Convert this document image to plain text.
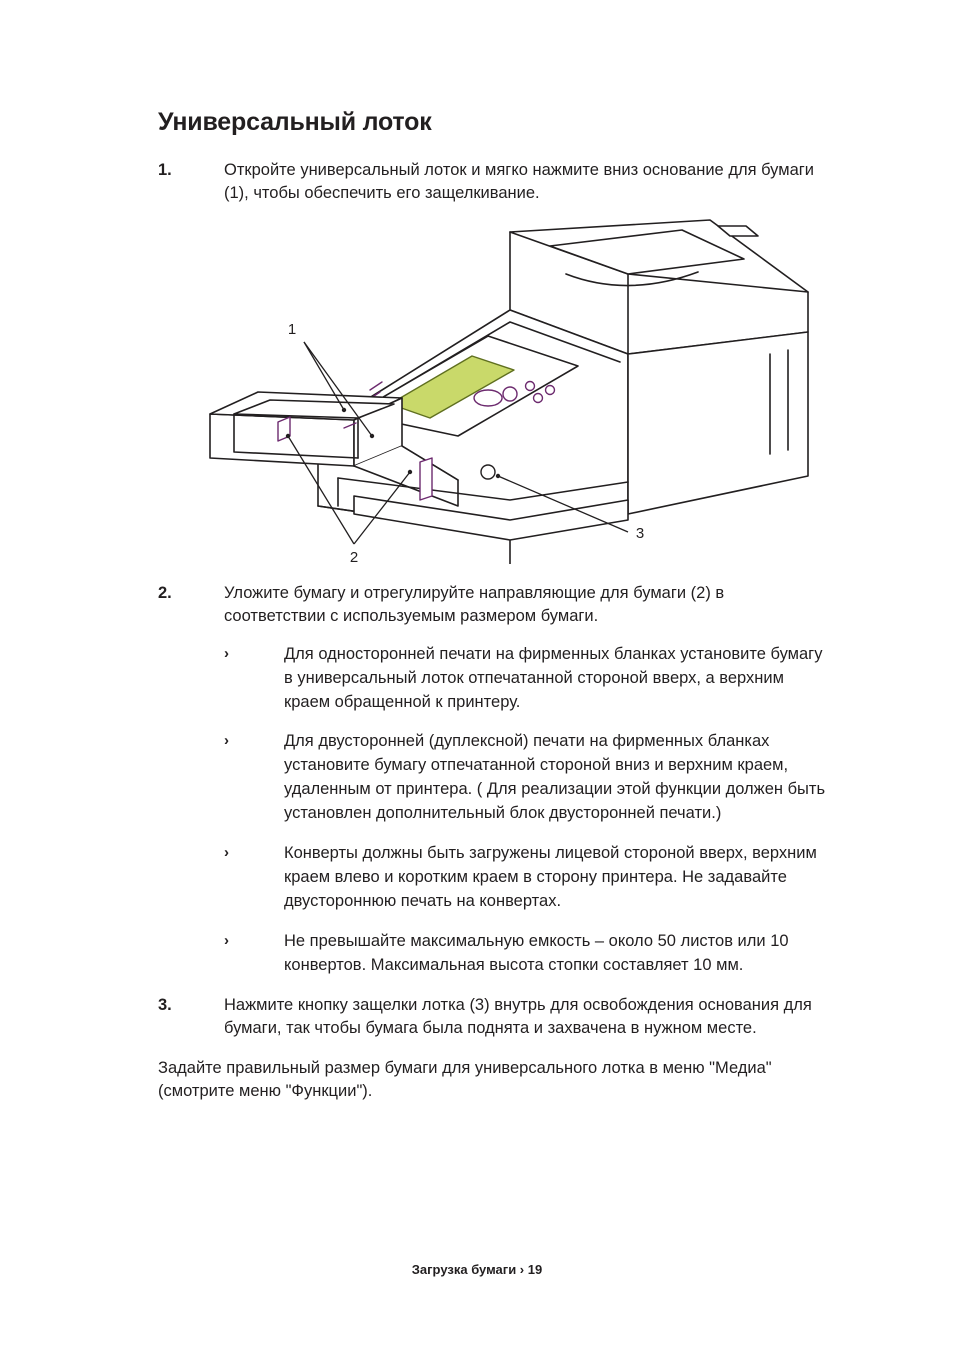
Универсальный лоток
1.	Откройте универсальный лоток и мягко нажмите вниз основание для бумаги (1), чтобы обеспечить его защелкивание.
1
2
3
2.	Уложите бумагу и отрегулируйте направляющие для бумаги (2) в соответствии с используемым размером бумаги.
›	Для односторонней печати на фирменных бланках установите бумагу в универсальный лоток отпечатанной стороной вверх, а верхним краем обращенной к принтеру.
›	Для двусторонней (дуплексной) печати на фирменных бланках установите бумагу отпечатанной стороной вниз и верхним краем, удаленным от принтера. ( Для реализации этой функции должен быть установлен дополнительный блок двусторонней печати.)
›	Конверты должны быть загружены лицевой стороной вверх, верхним краем влево и коротким краем в сторону принтера. Не задавайте двустороннюю печать на конвертах.
›	Не превышайте максимальную емкость – около 50 листов или 10 конвертов. Максимальная высота стопки составляет 10 мм.
3.	Нажмите кнопку защелки лотка (3) внутрь для освобождения основания для бумаги, так чтобы бумага была поднята и захвачена в нужном месте.
Задайте правильный размер бумаги для универсального лотка в меню "Медиа" (смотрите меню "Функции").
Загрузка бумаги › 19
